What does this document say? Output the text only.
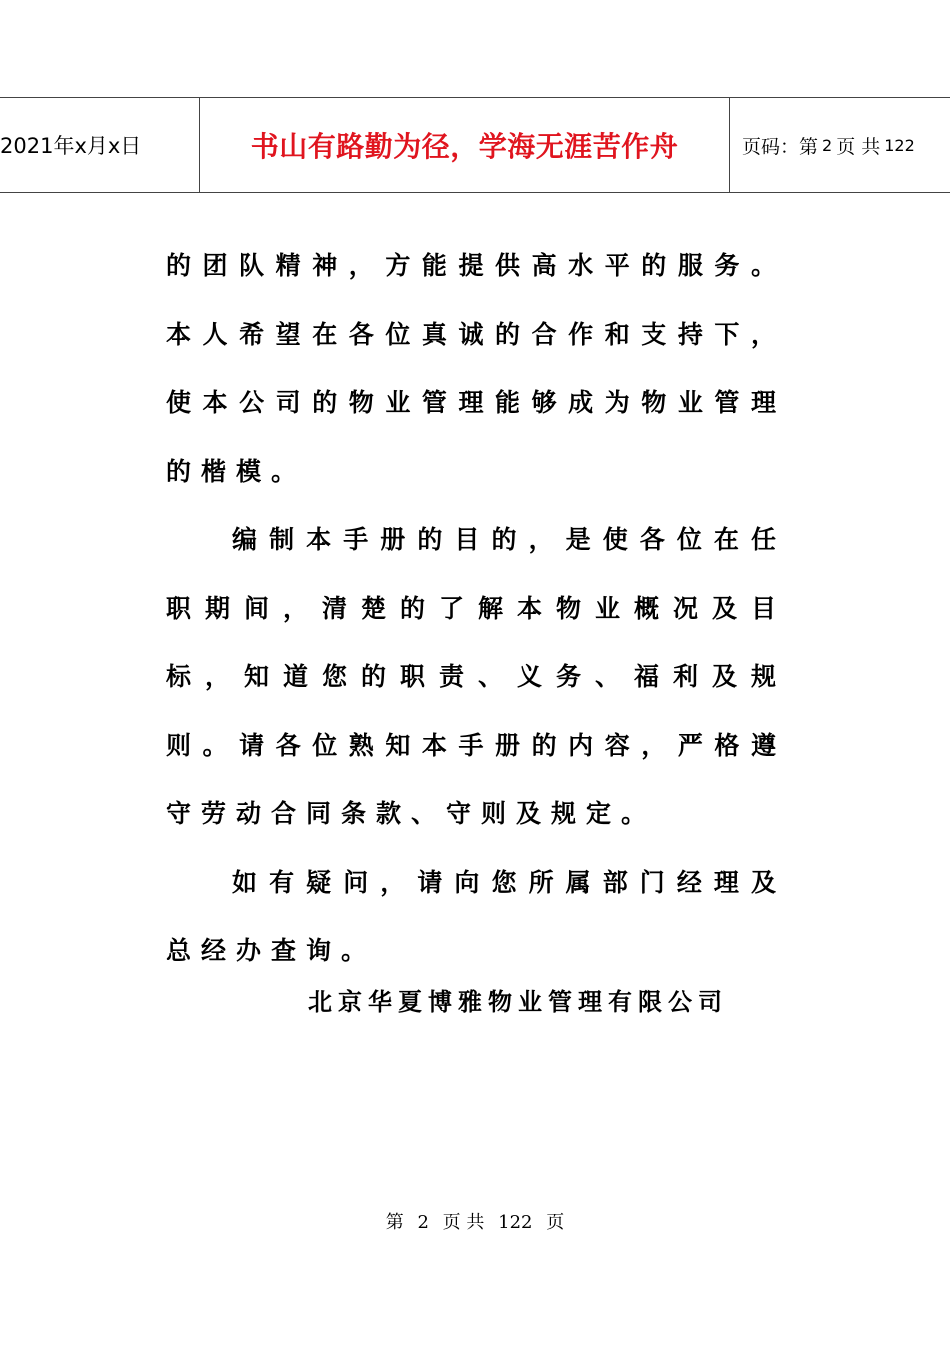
2021年x月x日	书山有路勤为径，学海无涯苦作舟	页码：第 2 页 共 122

的团队精神，方能提供高水平的服务。本人希望在各位真诚的合作和支持下，使本公司的物业管理能够成为物业管理的楷模。

编制本手册的目的，是使各位在任职期间，清楚的了解本物业概况及目标，知道您的职责、义务、福利及规则。请各位熟知本手册的内容，严格遵守劳动合同条款、守则及规定。

如有疑问，请向您所属部门经理及总经办查询。

北京华夏博雅物业管理有限公司
第 2 页 共 122 页
